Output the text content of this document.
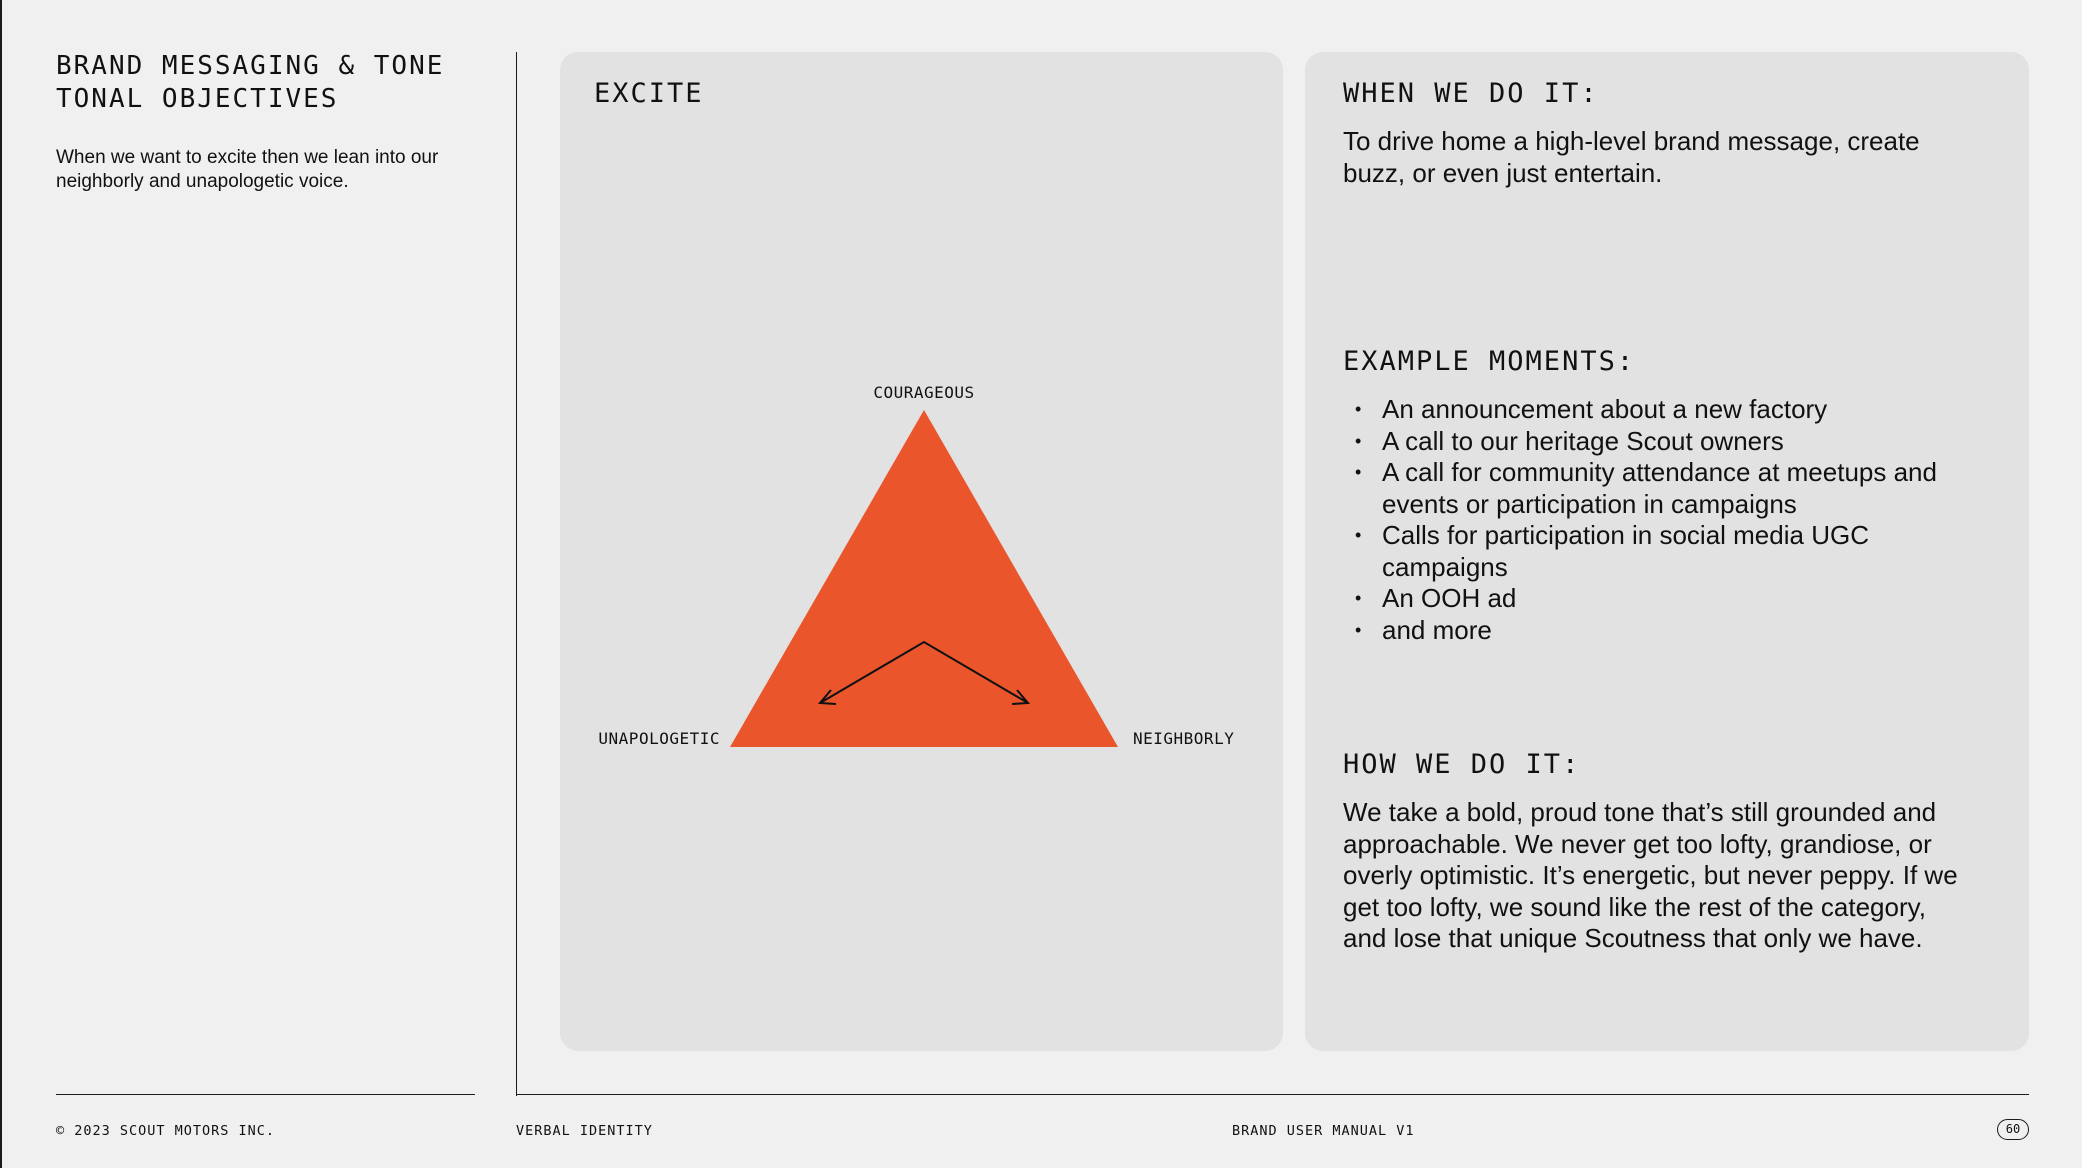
BRAND MESSAGING & TONE
TONAL OBJECTIVES
When we want to excite then we lean into our neighborly and unapologetic voice.
EXCITE
COURAGEOUS
UNAPOLOGETIC	NEIGHBORLY
WHEN WE DO IT:

To drive home a high-level brand message, create buzz, or even just entertain.

EXAMPLE MOMENTS:
• An announcement about a new factory
• A call to our heritage Scout owners
• A call for community attendance at meetups and events or participation in campaigns
• Calls for participation in social media UGC campaigns
• An OOH ad
• and more
HOW WE DO IT:

We take a bold, proud tone that’s still grounded and approachable. We never get too lofty, grandiose, or overly optimistic. It’s energetic, but never peppy. If we get too lofty, we sound like the rest of the category, and lose that unique Scoutness that only we have.

© 2023 SCOUT MOTORS INC.	VERBAL IDENTITY	BRAND USER MANUAL V1	60
